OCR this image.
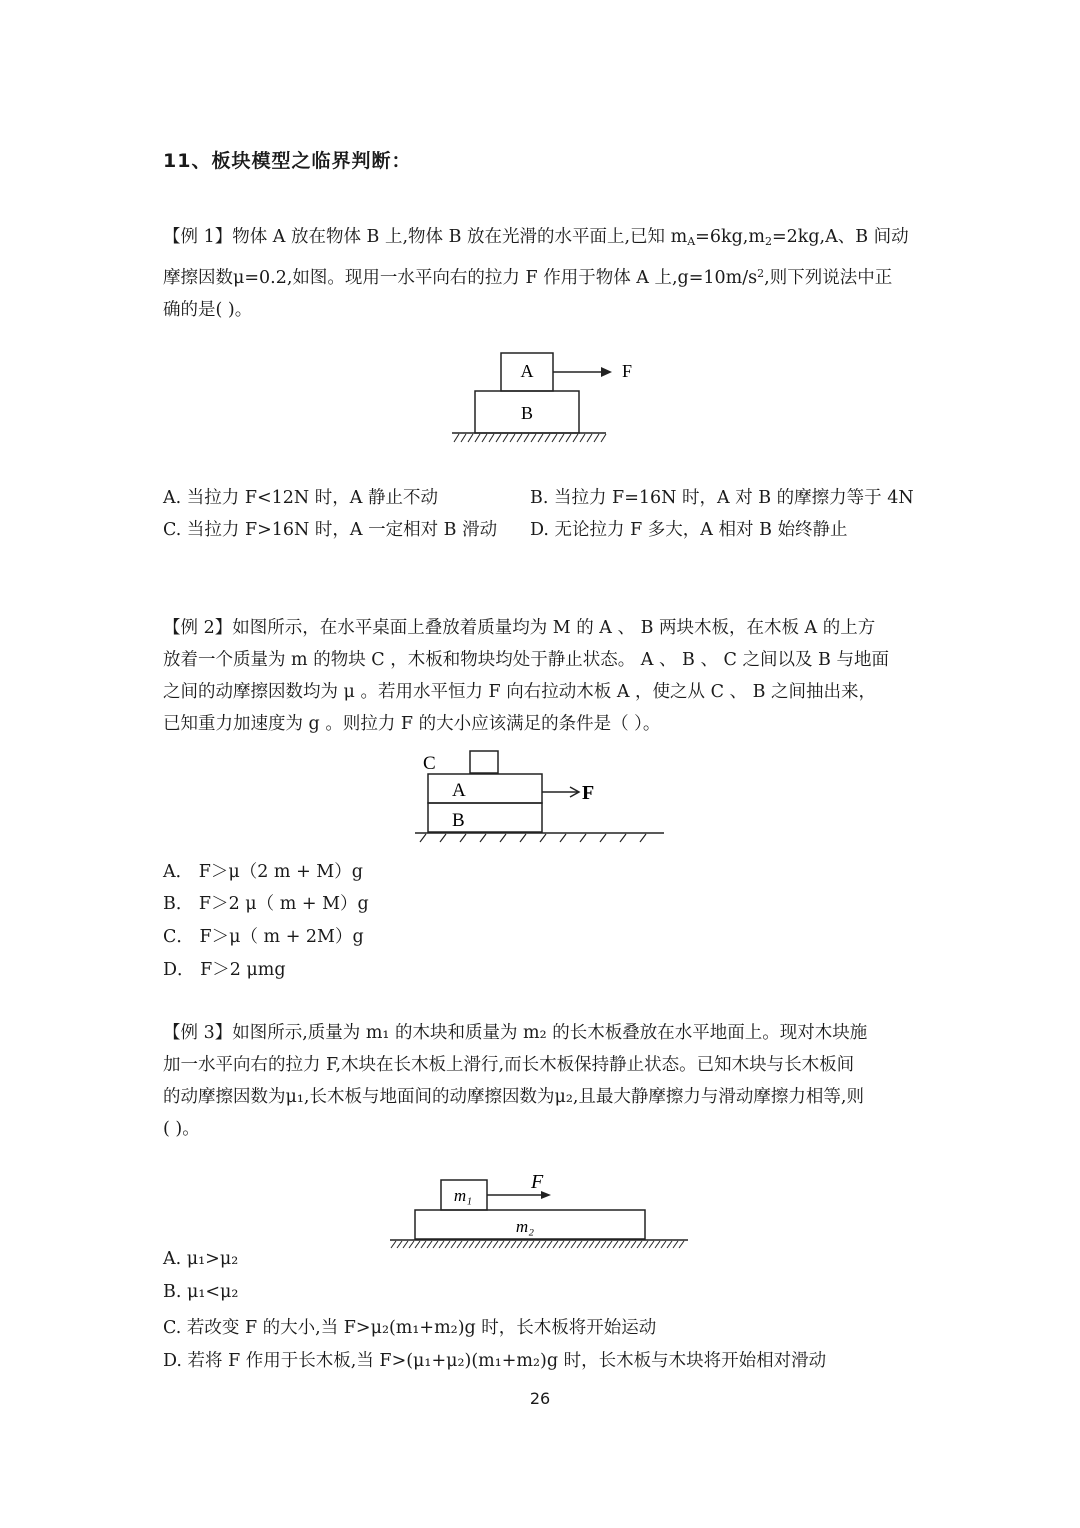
11、板块模型之临界判断：
【例 1】物体 A 放在物体 B 上,物体 B 放在光滑的水平面上,已知 $m_A=6kg,m_2=2kg,A$、B 间动
摩擦因数μ=0.2,如图。现用一水平向右的拉力 F 作用于物体 A 上$,g=10m/s^2$,则下列说法中正
确的是( )。
A
B
F
A. 当拉力 F<12N 时，A 静止不动	B. 当拉力 F=16N 时，A 对 B 的摩擦力等于 4N
C. 当拉力 F>16N 时，A 一定相对 B 滑动 D. 无论拉力 F 多大，A 相对 B 始终静止
【例 2】如图所示，在水平桌面上叠放着质量均为 M 的 A 、 B 两块木板，在木板 A 的上方
放着一个质量为 m 的物块 C ，木板和物块均处于静止状态。 A 、 B 、 C 之间以及 B 与地面
之间的动摩擦因数均为 μ 。若用水平恒力 F 向右拉动木板 A ，使之从 C 、 B 之间抽出来，
已知重力加速度为 g 。则拉力 F 的大小应该满足的条件是（ ）。
C
A
B
F
A． F＞μ（2 m + M）g
B． F＞2 μ（ m + M）g
C． F＞μ（ m + 2M）g
D． F＞2 μmg
【例 3】如图所示,质量为 m₁ 的木块和质量为 m₂ 的长木板叠放在水平地面上。现对木块施
加一水平向右的拉力 F,木块在长木板上滑行,而长木板保持静止状态。已知木块与长木板间
的动摩擦因数为μ₁,长木板与地面间的动摩擦因数为μ₂,且最大静摩擦力与滑动摩擦力相等,则
( )。
m₁
m₂
F
A. μ₁>μ₂
B. μ₁<μ₂
C. 若改变 F 的大小,当 F>μ₂(m₁+m₂)g 时，长木板将开始运动
D. 若将 F 作用于长木板,当 F>(μ₁+μ₂)(m₁+m₂)g 时，长木板与木块将开始相对滑动
26
